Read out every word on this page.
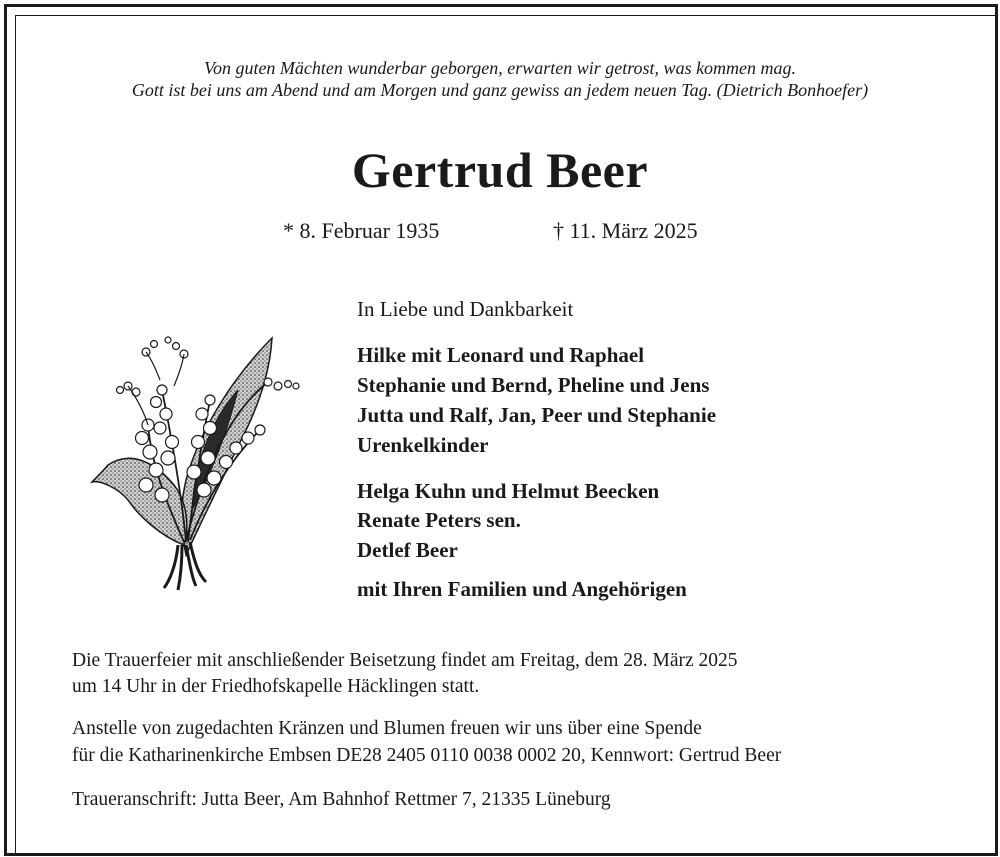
Von guten Mächten wunderbar geborgen, erwarten wir getrost, was kommen mag.
Gott ist bei uns am Abend und am Morgen und ganz gewiss an jedem neuen Tag. (Dietrich Bonhoefer)
Gertrud Beer
* 8. Februar 1935	† 11. März 2025
In Liebe und Dankbarkeit
Hilke mit Leonard und Raphael
Stephanie und Bernd, Pheline und Jens
Jutta und Ralf, Jan, Peer und Stephanie
Urenkelkinder
Helga Kuhn und Helmut Beecken
Renate Peters sen.
Detlef Beer
mit Ihren Familien und Angehörigen
Die Trauerfeier mit anschließender Beisetzung findet am Freitag, dem 28. März 2025
um 14 Uhr in der Friedhofskapelle Häcklingen statt.
Anstelle von zugedachten Kränzen und Blumen freuen wir uns über eine Spende
für die Katharinenkirche Embsen DE28 2405 0110 0038 0002 20, Kennwort: Gertrud Beer
Traueranschrift: Jutta Beer, Am Bahnhof Rettmer 7, 21335 Lüneburg
